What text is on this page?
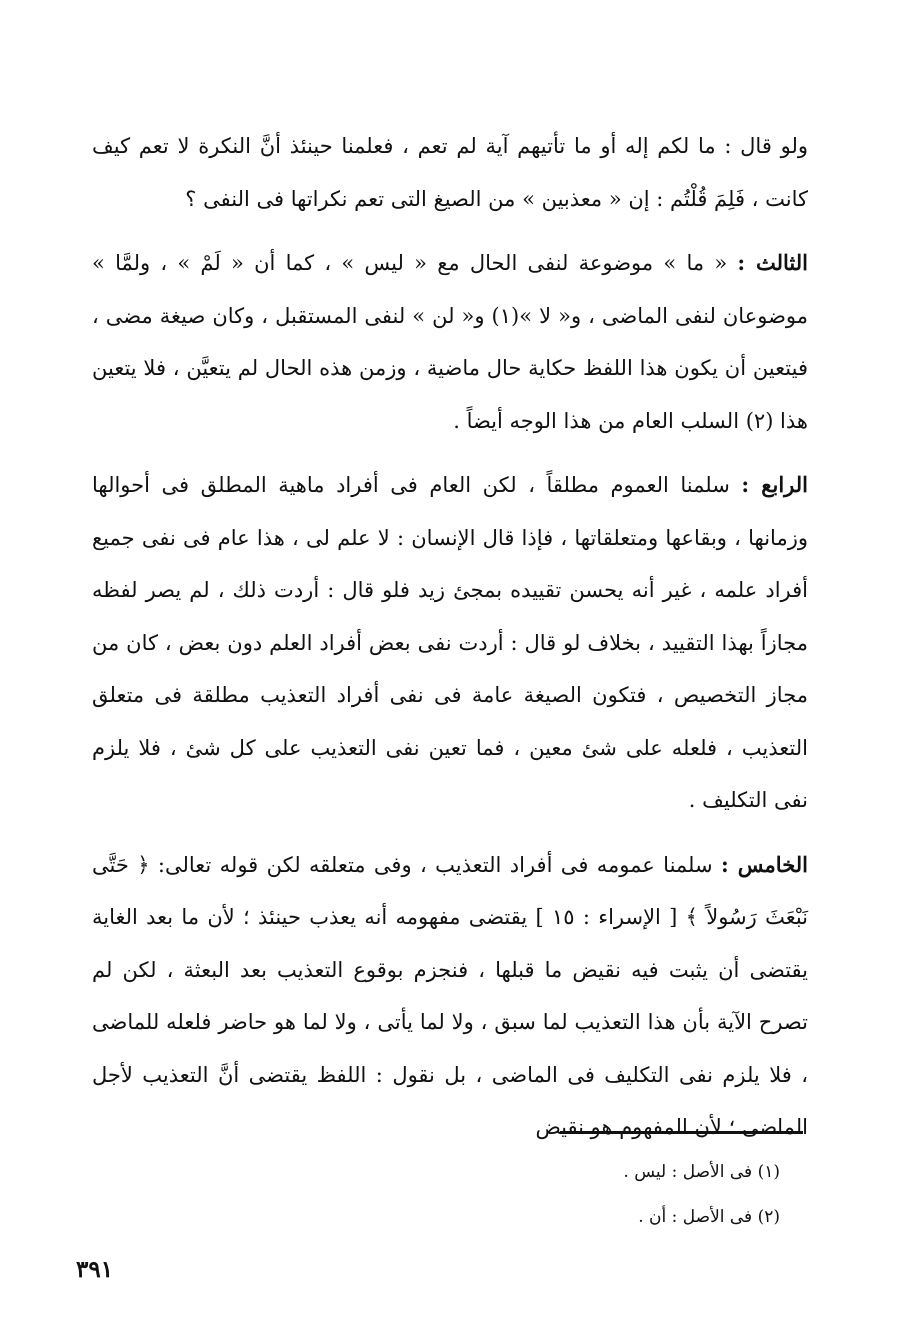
ولو قال : ما لكم إله أو ما تأتيهم آية لم تعم ، فعلمنا حينئذ أنَّ النكرة لا تعم كيف كانت ، فَلِمَ قُلْتُم : إن « معذبين » من الصيغ التى تعم نكراتها فى النفى ؟

الثالث : « ما » موضوعة لنفى الحال مع « ليس » ، كما أن « لَمْ » ، ولمَّا » موضوعان لنفى الماضى ، و« لا »(١) و« لن » لنفى المستقبل ، وكان صيغة مضى ، فيتعين أن يكون هذا اللفظ حكاية حال ماضية ، وزمن هذه الحال لم يتعيَّن ، فلا يتعين هذا (٢) السلب العام من هذا الوجه أيضاً .

الرابع : سلمنا العموم مطلقاً ، لكن العام فى أفراد ماهية المطلق فى أحوالها وزمانها ، وبقاعها ومتعلقاتها ، فإذا قال الإنسان : لا علم لى ، هذا عام فى نفى جميع أفراد علمه ، غير أنه يحسن تقييده بمجئ زيد فلو قال : أردت ذلك ، لم يصر لفظه مجازاً بهذا التقييد ، بخلاف لو قال : أردت نفى بعض أفراد العلم دون بعض ، كان من مجاز التخصيص ، فتكون الصيغة عامة فى نفى أفراد التعذيب مطلقة فى متعلق التعذيب ، فلعله على شئ معين ، فما تعين نفى التعذيب على كل شئ ، فلا يلزم نفى التكليف .

الخامس : سلمنا عمومه فى أفراد التعذيب ، وفى متعلقه لكن قوله تعالى: ﴿ حَتَّى نَبْعَثَ رَسُولاً ﴾ [ الإسراء : ١٥ ] يقتضى مفهومه أنه يعذب حينئذ ؛ لأن ما بعد الغاية يقتضى أن يثبت فيه نقيض ما قبلها ، فنجزم بوقوع التعذيب بعد البعثة ، لكن لم تصرح الآية بأن هذا التعذيب لما سبق ، ولا لما يأتى ، ولا لما هو حاضر فلعله للماضى ، فلا يلزم نفى التكليف فى الماضى ، بل نقول : اللفظ يقتضى أنَّ التعذيب لأجل الماضى ؛ لأن المفهوم هو نقيض

(١) فى الأصل : ليس .

(٢) فى الأصل : أن .

٣٩١
